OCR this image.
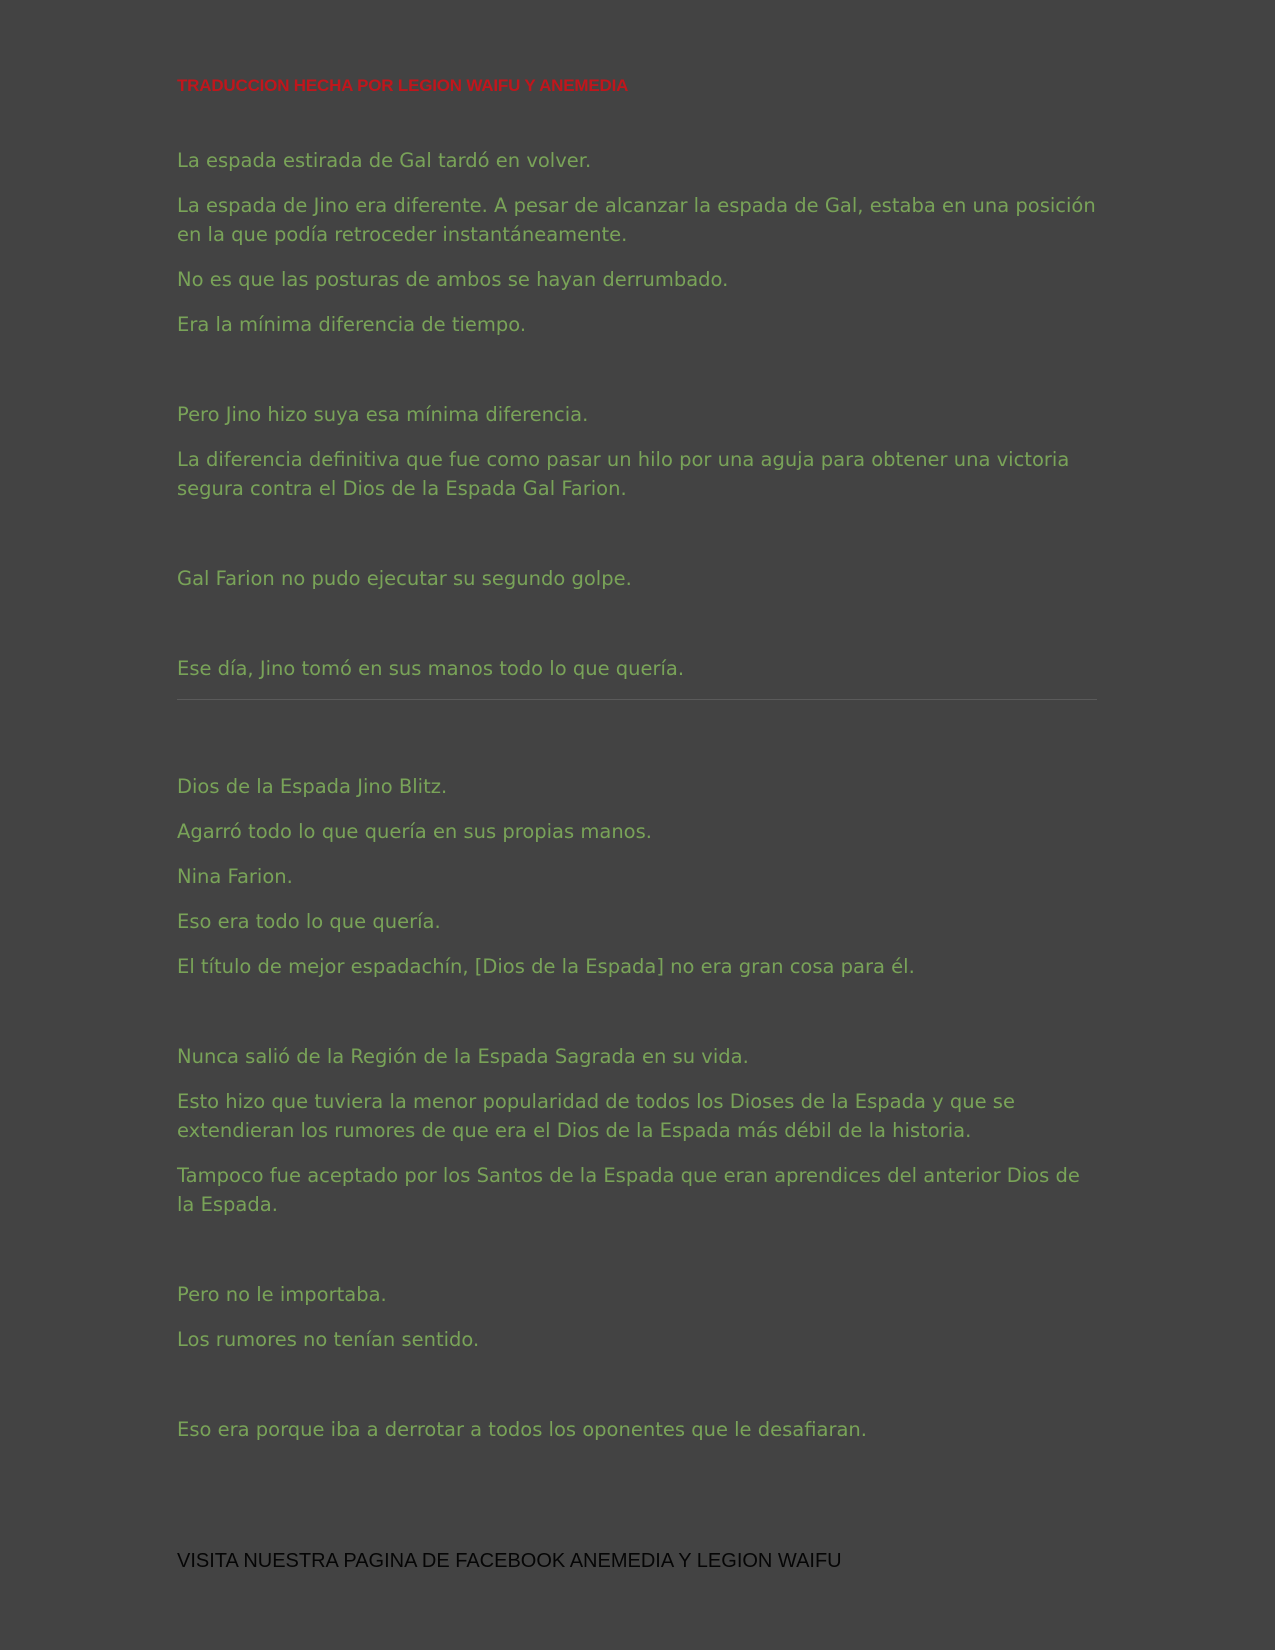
TRADUCCION HECHA POR LEGION WAIFU Y ANEMEDIA

La espada estirada de Gal tardó en volver.

La espada de Jino era diferente. A pesar de alcanzar la espada de Gal, estaba en una posición en la que podía retroceder instantáneamente.

No es que las posturas de ambos se hayan derrumbado.

Era la mínima diferencia de tiempo.

Pero Jino hizo suya esa mínima diferencia.

La diferencia definitiva que fue como pasar un hilo por una aguja para obtener una victoria segura contra el Dios de la Espada Gal Farion.

Gal Farion no pudo ejecutar su segundo golpe.

Ese día, Jino tomó en sus manos todo lo que quería.

Dios de la Espada Jino Blitz.

Agarró todo lo que quería en sus propias manos.

Nina Farion.

Eso era todo lo que quería.

El título de mejor espadachín, [Dios de la Espada] no era gran cosa para él.

Nunca salió de la Región de la Espada Sagrada en su vida.

Esto hizo que tuviera la menor popularidad de todos los Dioses de la Espada y que se extendieran los rumores de que era el Dios de la Espada más débil de la historia.

Tampoco fue aceptado por los Santos de la Espada que eran aprendices del anterior Dios de la Espada.

Pero no le importaba.

Los rumores no tenían sentido.

Eso era porque iba a derrotar a todos los oponentes que le desafiaran.

VISITA NUESTRA PAGINA DE FACEBOOK ANEMEDIA Y LEGION WAIFU
